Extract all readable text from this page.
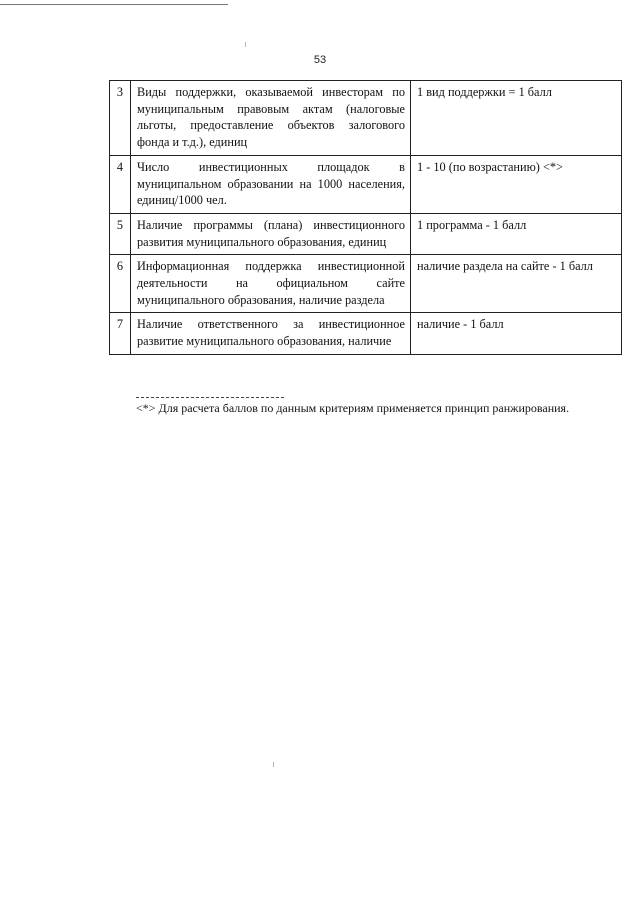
53
3	Виды поддержки, оказываемой инвесторам по муниципальным правовым актам (налоговые льготы, предоставление объектов залогового фонда и т.д.), единиц	1 вид поддержки = 1 балл
4	Число инвестиционных площадок в муниципальном образовании на 1000 населения, единиц/1000 чел.	1 - 10 (по возрастанию) <*>
5	Наличие программы (плана) инвестиционного развития муниципального образования, единиц	1 программа - 1 балл
6	Информационная поддержка инвестиционной деятельности на официальном сайте муниципального образования, наличие раздела	наличие раздела на сайте - 1 балл
7	Наличие ответственного за инвестиционное развитие муниципального образования, наличие	наличие - 1 балл
<*> Для расчета баллов по данным критериям применяется принцип ранжирования.
